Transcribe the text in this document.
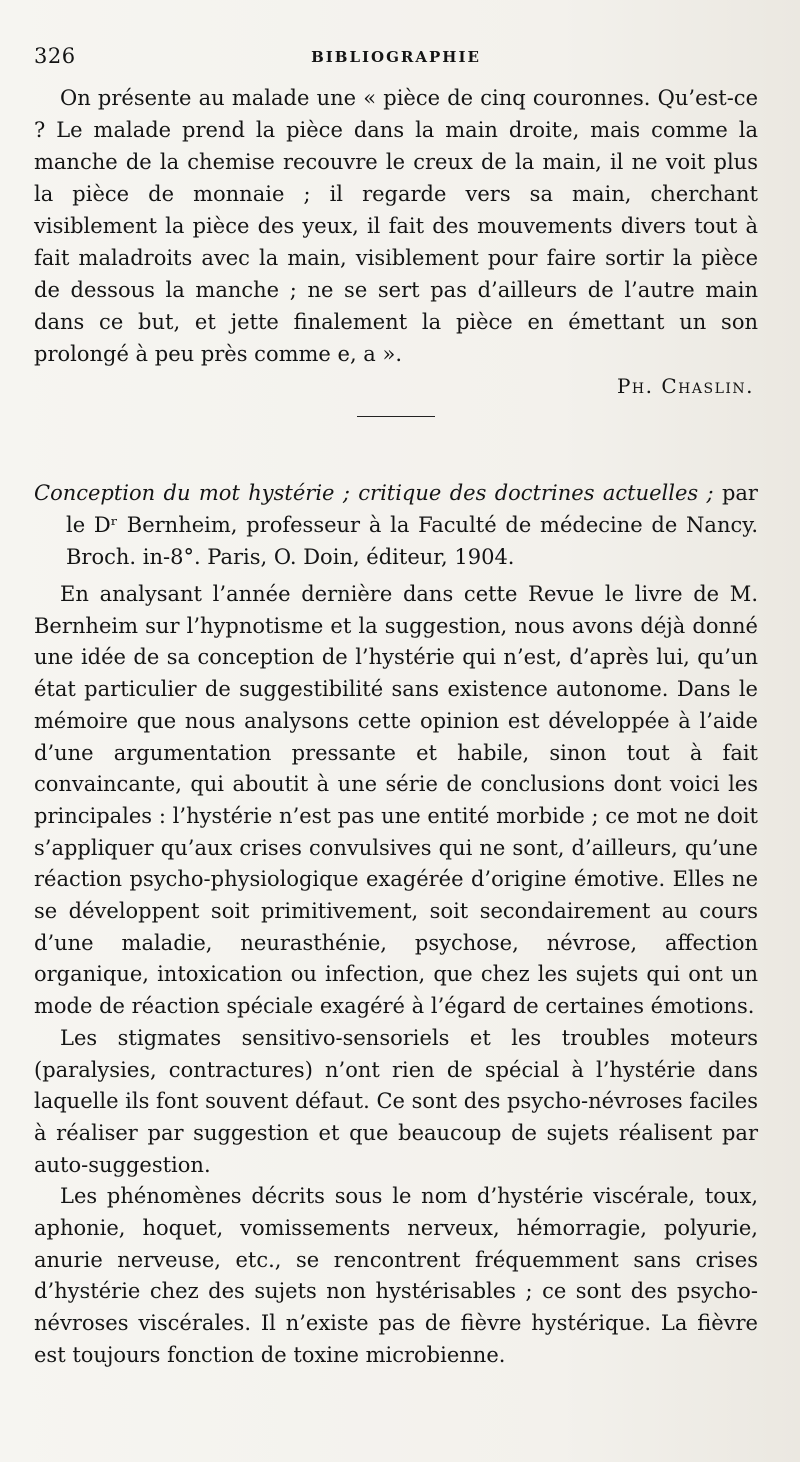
326	BIBLIOGRAPHIE

On présente au malade une « pièce de cinq couronnes. Qu’est-ce ? Le malade prend la pièce dans la main droite, mais comme la manche de la chemise recouvre le creux de la main, il ne voit plus la pièce de monnaie ; il regarde vers sa main, cherchant visiblement la pièce des yeux, il fait des mouvements divers tout à fait maladroits avec la main, visiblement pour faire sortir la pièce de dessous la manche ; ne se sert pas d’ailleurs de l’autre main dans ce but, et jette finalement la pièce en émettant un son prolongé à peu près comme e, a ».

Ph. Chaslin.
Conception du mot hystérie ; critique des doctrines actuelles ; par le Dʳ Bernheim, professeur à la Faculté de médecine de Nancy. Broch. in-8°. Paris, O. Doin, éditeur, 1904.

En analysant l’année dernière dans cette Revue le livre de M. Bernheim sur l’hypnotisme et la suggestion, nous avons déjà donné une idée de sa conception de l’hystérie qui n’est, d’après lui, qu’un état particulier de suggestibilité sans existence autonome. Dans le mémoire que nous analysons cette opinion est développée à l’aide d’une argumentation pressante et habile, sinon tout à fait convaincante, qui aboutit à une série de conclusions dont voici les principales : l’hystérie n’est pas une entité morbide ; ce mot ne doit s’appliquer qu’aux crises convulsives qui ne sont, d’ailleurs, qu’une réaction psycho-physiologique exagérée d’origine émotive. Elles ne se développent soit primitivement, soit secondairement au cours d’une maladie, neurasthénie, psychose, névrose, affection organique, intoxication ou infection, que chez les sujets qui ont un mode de réaction spéciale exagéré à l’égard de certaines émotions.

Les stigmates sensitivo-sensoriels et les troubles moteurs (paralysies, contractures) n’ont rien de spécial à l’hystérie dans laquelle ils font souvent défaut. Ce sont des psycho-névroses faciles à réaliser par suggestion et que beaucoup de sujets réalisent par auto-suggestion.

Les phénomènes décrits sous le nom d’hystérie viscérale, toux, aphonie, hoquet, vomissements nerveux, hémorragie, polyurie, anurie nerveuse, etc., se rencontrent fréquemment sans crises d’hystérie chez des sujets non hystérisables ; ce sont des psycho-névroses viscérales. Il n’existe pas de fièvre hystérique. La fièvre est toujours fonction de toxine microbienne.
